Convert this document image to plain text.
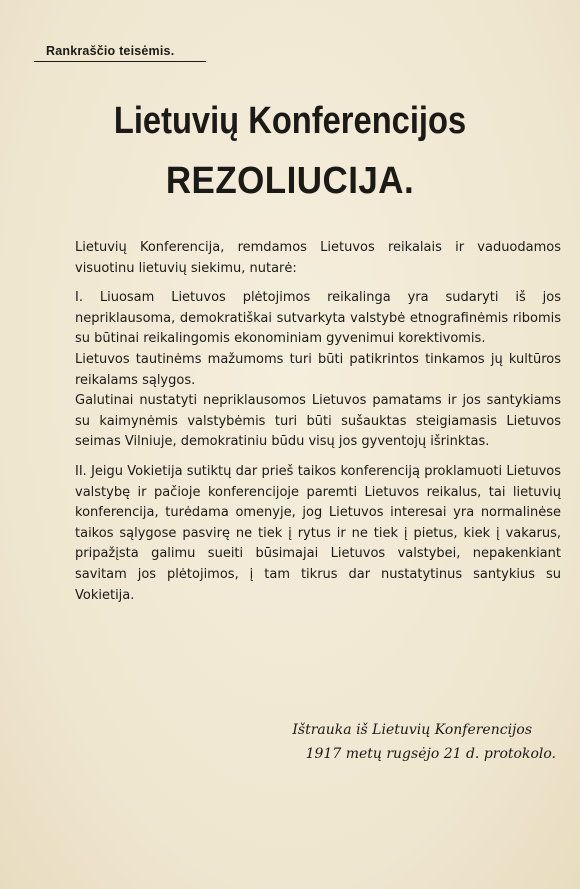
Rankraščio teisėmis.
Lietuvių Konferencijos
REZOLIUCIJA.

Lietuvių Konferencija, remdamos Lietuvos reikalais ir vaduodamos visuotinu lietuvių siekimu, nutarė:

I. Liuosam Lietuvos plėtojimos reikalinga yra sudaryti iš jos nepriklausoma, demokratiškai sutvarkyta valstybė etnografinėmis ribomis su būtinai reikalingomis ekonominiam gyvenimui korektivomis.

Lietuvos tautinėms mažumoms turi būti patikrintos tinkamos jų kultūros reikalams sąlygos.

Galutinai nustatyti nepriklausomos Lietuvos pamatams ir jos santykiams su kaimynėmis valstybėmis turi būti sušauktas steigiamasis Lietuvos seimas Vilniuje, demokratiniu būdu visų jos gyventojų išrinktas.

II. Jeigu Vokietija sutiktų dar prieš taikos konferenciją proklamuoti Lietuvos valstybę ir pačioje konferencijoje paremti Lietuvos reikalus, tai lietuvių konferencija, turėdama omenyje, jog Lietuvos interesai yra normalinėse taikos sąlygose pasvirę ne tiek į rytus ir ne tiek į pietus, kiek į vakarus, pripažįsta galimu sueiti būsimajai Lietuvos valstybei, nepakenkiant savitam jos plėtojimos, į tam tikrus dar nustatytinus santykius su Vokietija.

Ištrauka iš Lietuvių Konferencijos
1917 metų rugsėjo 21 d. protokolo.
